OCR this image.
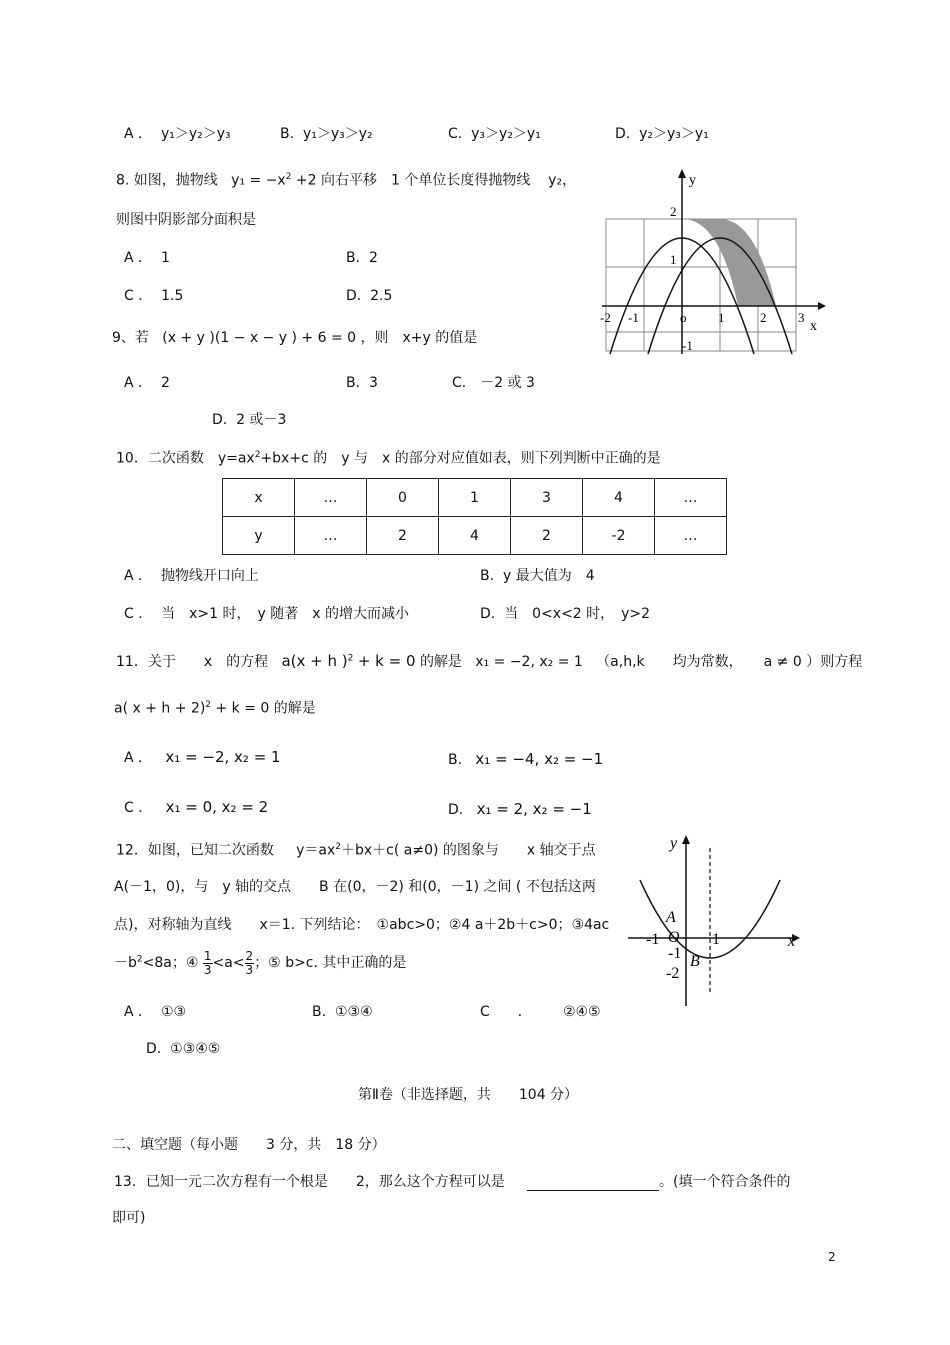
A ． y₁＞y₂＞y₃	B. y₁＞y₃＞y₂	C. y₃＞y₂＞y₁	D. y₂＞y₃＞y₁
8. 如图，抛物线 $y_1 = -x^2 +2$ 向右平移　1 个单位长度得抛物线 y₂，
则图中阴影部分面积是
A ． 1	B. 2
C ． 1.5	D. 2.5
y
x
-2 -1	o 1	2 3
2
1
-1
9、若 (x + y )(1 − x − y ) + 6 = 0 ，则　x+y 的值是
A ． 2	B. 3	C． －2 或 3
D. 2 或－3
10．二次函数　$y=ax^2+bx+c$ 的　y 与　x 的部分对应值如表，则下列判断中正确的是
x	…	0	1	3	4	…
y	…	2	4	2	-2	…
A ． 抛物线开口向上	B. y 最大值为　4
C ． 当　x>1 时，　y 随著　x 的增大而减小	D. 当　0<x<2 时，　y>2
11．关于　　x　的方程 a(x + h )$^2$ + k = 0 的解是 x₁ = −2, x₂ = 1 （a,h,k　　均为常数，　　a ≠ 0 ）则方程
a( x + h + 2)$^2$ + k = 0 的解是
A ． x₁ = −2, x₂ = 1	B. x₁ = −4, x₂ = −1
C ． x₁ = 0, x₂ = 2	D. x₁ = 2, x₂ = −1
12．如图，已知二次函数 $y=ax^2+bx+c$( a≠0) 的图象与　　x 轴交于点
A(－1，0)，与　y 轴的交点　　B 在(0，－2) 和(0，－1) 之间 ( 不包括这两
点)，对称轴为直线　　x＝1. 下列结论：　①abc>0；②4 a＋2b＋c>0；③4ac
$-b^2<8a$；④ $\frac{1}{3} <a< \frac{2}{3}$ ；⑤ b>c. 其中正确的是
A ． ①③	B. ①③④	C　　． ②④⑤
D. ①③④⑤
y
x
A
O
B
-1	1
-1
-2
第Ⅱ卷（非选择题，共　　104 分）
二、填空题（每小题　　3 分，共　18 分）
13．已知一元二次方程有一个根是　　2，那么这个方程可以是	。(填一个符合条件的
即可)
2
